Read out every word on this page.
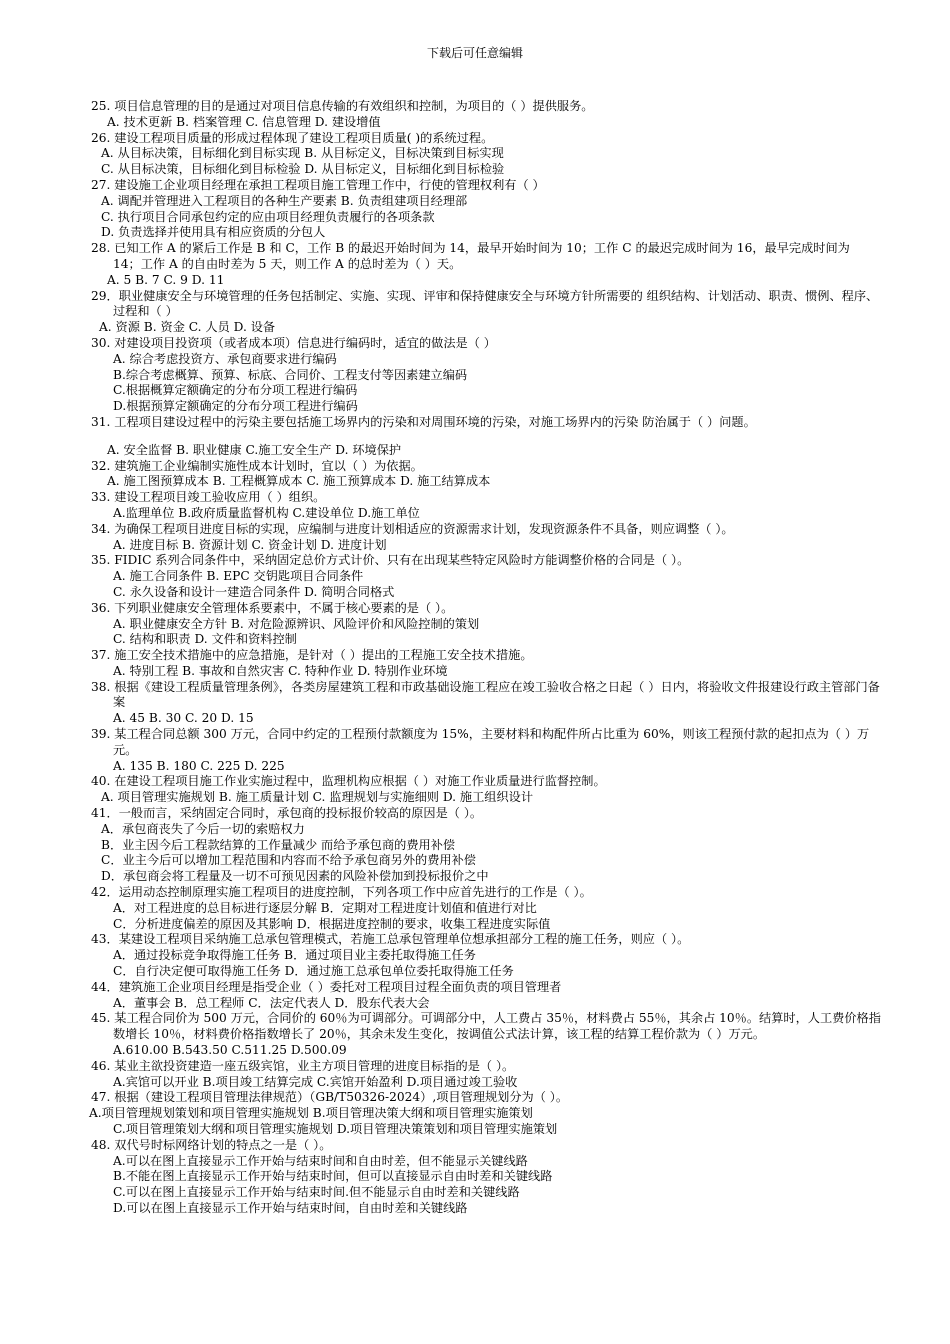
下载后可任意编辑
25. 项目信息管理的目的是通过对项目信息传输的有效组织和控制，为项目的（ ）提供服务。
A. 技术更新 B. 档案管理 C. 信息管理 D. 建设增值
26. 建设工程项目质量的形成过程体现了建设工程项目质量( )的系统过程。
A. 从目标决策，目标细化到目标实现 B. 从目标定义，目标决策到目标实现
C. 从目标决策，目标细化到目标检验 D. 从目标定义，目标细化到目标检验
27. 建设施工企业项目经理在承担工程项目施工管理工作中，行使的管理权利有（ ）
A. 调配并管理进入工程项目的各种生产要素 B. 负责组建项目经理部
C. 执行项目合同承包约定的应由项目经理负责履行的各项条款
D. 负责选择并使用具有相应资质的分包人
28. 已知工作 A 的紧后工作是 B 和 C，工作 B 的最迟开始时间为 14，最早开始时间为 10；工作 C 的最迟完成时间为 16，最早完成时间为 14；工作 A 的自由时差为 5 天，则工作 A 的总时差为（ ）天。
A. 5 B. 7 C. 9 D. 11
29．职业健康安全与环境管理的任务包括制定、实施、实现、评审和保持健康安全与环境方针所需要的 组织结构、计划活动、职责、惯例、程序、过程和（ ）
A. 资源 B. 资金 C. 人员 D. 设备
30. 对建设项目投资项（或者成本项）信息进行编码时，适宜的做法是（ ）
A. 综合考虑投资方、承包商要求进行编码
B.综合考虑概算、预算、标底、合同价、工程支付等因素建立编码
C.根据概算定额确定的分布分项工程进行编码
D.根据预算定额确定的分布分项工程进行编码
31. 工程项目建设过程中的污染主要包括施工场界内的污染和对周围环境的污染，对施工场界内的污染 防治属于（ ）问题。
A. 安全监督 B. 职业健康 C.施工安全生产 D. 环境保护
32. 建筑施工企业编制实施性成本计划时，宜以（ ）为依据。
A. 施工图预算成本 B. 工程概算成本 C. 施工预算成本 D. 施工结算成本
33. 建设工程项目竣工验收应用（ ）组织。
A.监理单位 B.政府质量监督机构 C.建设单位 D.施工单位
34. 为确保工程项目进度目标的实现，应编制与进度计划相适应的资源需求计划，发现资源条件不具备，则应调整（ ）。
A. 进度目标 B. 资源计划 C. 资金计划 D. 进度计划
35. FIDIC 系列合同条件中，采纳固定总价方式计价、只有在出现某些特定风险时方能调整价格的合同是（ ）。
A. 施工合同条件 B. EPC 交钥匙项目合同条件
C. 永久设备和设计一建造合同条件 D. 简明合同格式
36. 下列职业健康安全管理体系要素中，不属于核心要素的是（ ）。
A. 职业健康安全方针 B. 对危险源辨识、风险评价和风险控制的策划
C. 结构和职责 D. 文件和资料控制
37. 施工安全技术措施中的应急措施，是针对（ ）提出的工程施工安全技术措施。
A. 特别工程 B. 事故和自然灾害 C. 特种作业 D. 特别作业环境
38. 根据《建设工程质量管理条例》，各类房屋建筑工程和市政基础设施工程应在竣工验收合格之日起（ ）日内，将验收文件报建设行政主管部门备案
A. 45 B. 30 C. 20 D. 15
39. 某工程合同总额 300 万元，合同中约定的工程预付款额度为 15%，主要材料和构配件所占比重为 60%，则该工程预付款的起扣点为（ ）万元。
A. 135 B. 180 C. 225 D. 225
40. 在建设工程项目施工作业实施过程中，监理机构应根据（ ）对施工作业质量进行监督控制。
A. 项目管理实施规划 B. 施工质量计划 C. 监理规划与实施细则 D. 施工组织设计
41．一般而言，采纳固定合同时，承包商的投标报价较高的原因是（ ）。
A．承包商丧失了今后一切的索赔权力
B．业主因今后工程款结算的工作量减少 而给予承包商的费用补偿
C．业主今后可以增加工程范围和内容而不给予承包商另外的费用补偿
D．承包商会将工程量及一切不可预见因素的风险补偿加到投标报价之中
42．运用动态控制原理实施工程项目的进度控制，下列各项工作中应首先进行的工作是（ ）。
A．对工程进度的总目标进行逐层分解 B．定期对工程进度计划值和值进行对比
C．分析进度偏差的原因及其影响 D．根据进度控制的要求，收集工程进度实际值
43．某建设工程项目采纳施工总承包管理模式，若施工总承包管理单位想承担部分工程的施工任务，则应（ ）。
A．通过投标竞争取得施工任务 B．通过项目业主委托取得施工任务
C．自行决定便可取得施工任务 D．通过施工总承包单位委托取得施工任务
44．建筑施工企业项目经理是指受企业（ ）委托对工程项目过程全面负责的项目管理者
A．董事会 B．总工程师 C．法定代表人 D．股东代表大会
45. 某工程合同价为 500 万元，合同价的 60％为可调部分。可调部分中，人工费占 35％，材料费占 55％，其余占 10％。结算时，人工费价格指数增长 10％，材料费价格指数增长了 20％，其余未发生变化，按调值公式法计算，该工程的结算工程价款为（ ）万元。
A.610.00 B.543.50 C.511.25 D.500.09
46. 某业主欲投资建造一座五级宾馆，业主方项目管理的进度目标指的是（ ）。
A.宾馆可以开业 B.项目竣工结算完成 C.宾馆开始盈利 D.项目通过竣工验收
47. 根据（建设工程项目管理法律规范）（GB/T50326-2024）,项目管理规划分为（ ）。
A.项目管理规划策划和项目管理实施规划 B.项目管理决策大纲和项目管理实施策划
C.项目管理策划大纲和项目管理实施规划 D.项目管理决策策划和项目管理实施策划
48. 双代号时标网络计划的特点之一是（ ）。
A.可以在图上直接显示工作开始与结束时间和自由时差，但不能显示关键线路
B.不能在图上直接显示工作开始与结束时间，但可以直接显示自由时差和关键线路
C.可以在图上直接显示工作开始与结束时间.但不能显示自由时差和关键线路
D.可以在图上直接显示工作开始与结束时间，自由时差和关键线路
